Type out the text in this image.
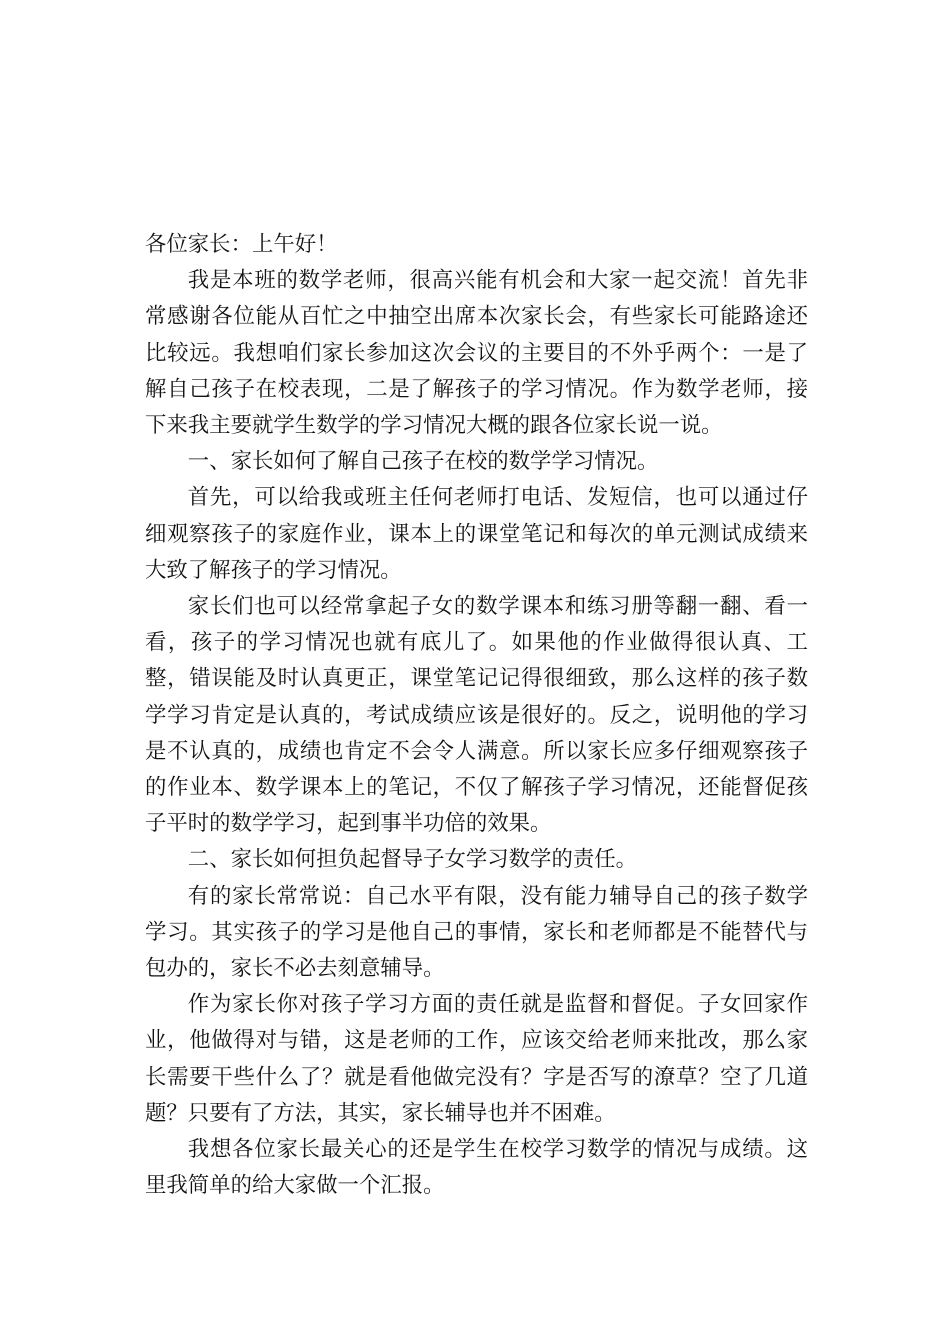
各位家长：上午好！

我是本班的数学老师，很高兴能有机会和大家一起交流！首先非常感谢各位能从百忙之中抽空出席本次家长会，有些家长可能路途还比较远。我想咱们家长参加这次会议的主要目的不外乎两个：一是了解自己孩子在校表现，二是了解孩子的学习情况。作为数学老师，接下来我主要就学生数学的学习情况大概的跟各位家长说一说。

一、家长如何了解自己孩子在校的数学学习情况。

首先，可以给我或班主任何老师打电话、发短信，也可以通过仔细观察孩子的家庭作业，课本上的课堂笔记和每次的单元测试成绩来大致了解孩子的学习情况。

家长们也可以经常拿起子女的数学课本和练习册等翻一翻、看一看，孩子的学习情况也就有底儿了。如果他的作业做得很认真、工整，错误能及时认真更正，课堂笔记记得很细致，那么这样的孩子数学学习肯定是认真的，考试成绩应该是很好的。反之，说明他的学习是不认真的，成绩也肯定不会令人满意。所以家长应多仔细观察孩子的作业本、数学课本上的笔记，不仅了解孩子学习情况，还能督促孩子平时的数学学习，起到事半功倍的效果。

二、家长如何担负起督导子女学习数学的责任。

有的家长常常说：自己水平有限，没有能力辅导自己的孩子数学学习。其实孩子的学习是他自己的事情，家长和老师都是不能替代与包办的，家长不必去刻意辅导。

作为家长你对孩子学习方面的责任就是监督和督促。子女回家作业，他做得对与错，这是老师的工作，应该交给老师来批改，那么家长需要干些什么了？就是看他做完没有？字是否写的潦草？空了几道题？只要有了方法，其实，家长辅导也并不困难。

我想各位家长最关心的还是学生在校学习数学的情况与成绩。这里我简单的给大家做一个汇报。
